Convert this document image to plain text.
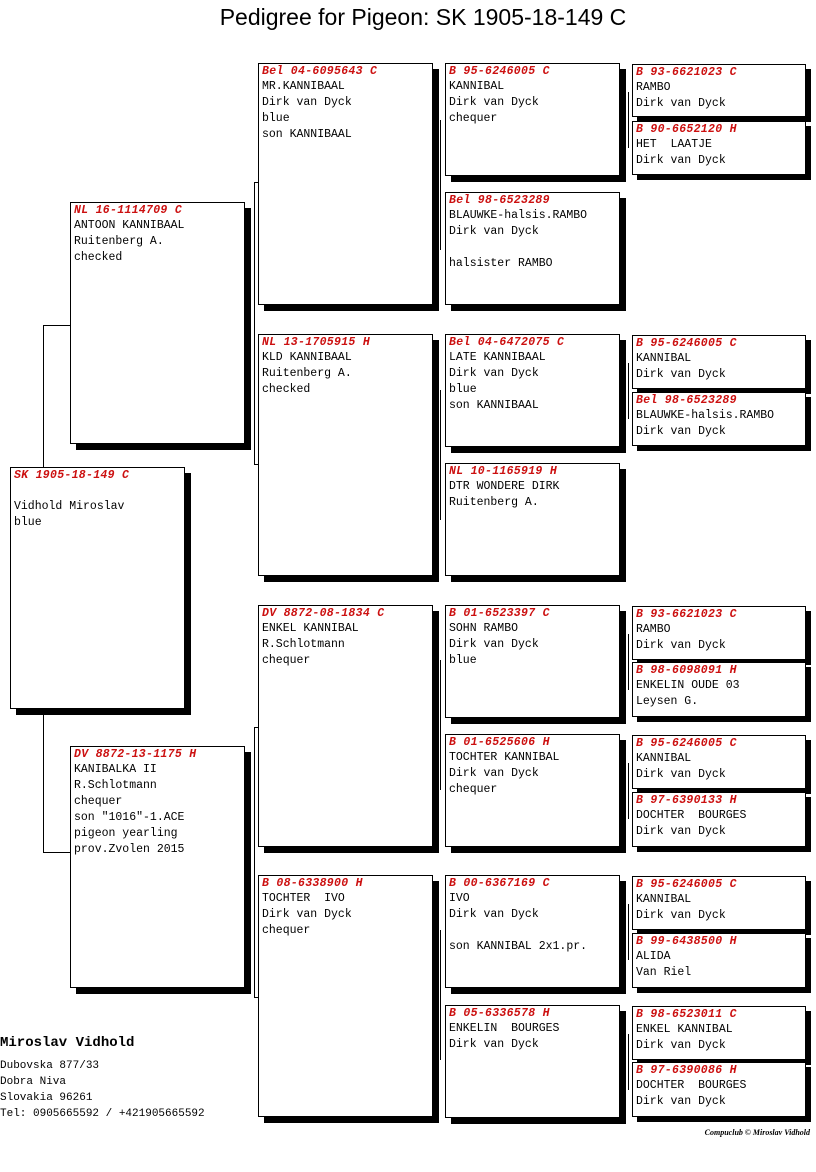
Pedigree for Pigeon: SK 1905-18-149 C
SK 1905-18-149 C
Vidhold Miroslav
blue
NL 16-1114709 C
ANTOON KANNIBAAL
Ruitenberg A.
checked
DV 8872-13-1175 H
KANIBALKA II
R.Schlotmann
chequer
son "1016"-1.ACE
pigeon yearling
prov.Zvolen 2015
Bel 04-6095643 C
MR.KANNIBAAL
Dirk van Dyck
blue
son KANNIBAAL
NL 13-1705915 H
KLD KANNIBAAL
Ruitenberg A.
checked
DV 8872-08-1834 C
ENKEL KANNIBAL
R.Schlotmann
chequer
B 08-6338900 H
TOCHTER  IVO
Dirk van Dyck
chequer
B 95-6246005 C
KANNIBAL
Dirk van Dyck
chequer
Bel 98-6523289
BLAUWKE-halsis.RAMBO
Dirk van Dyck
halsister RAMBO
Bel 04-6472075 C
LATE KANNIBAAL
Dirk van Dyck
blue
son KANNIBAAL
NL 10-1165919 H
DTR WONDERE DIRK
Ruitenberg A.
B 01-6523397 C
SOHN RAMBO
Dirk van Dyck
blue
B 01-6525606 H
TOCHTER KANNIBAL
Dirk van Dyck
chequer
B 00-6367169 C
IVO
Dirk van Dyck
son KANNIBAL 2x1.pr.
B 05-6336578 H
ENKELIN  BOURGES
Dirk van Dyck
B 93-6621023 C
RAMBO
Dirk van Dyck
B 90-6652120 H
HET  LAATJE
Dirk van Dyck
B 95-6246005 C
KANNIBAL
Dirk van Dyck
Bel 98-6523289
BLAUWKE-halsis.RAMBO
Dirk van Dyck
B 93-6621023 C
RAMBO
Dirk van Dyck
B 98-6098091 H
ENKELIN OUDE 03
Leysen G.
B 95-6246005 C
KANNIBAL
Dirk van Dyck
B 97-6390133 H
DOCHTER  BOURGES
Dirk van Dyck
B 95-6246005 C
KANNIBAL
Dirk van Dyck
B 99-6438500 H
ALIDA
Van Riel
B 98-6523011 C
ENKEL KANNIBAL
Dirk van Dyck
B 97-6390086 H
DOCHTER  BOURGES
Dirk van Dyck
Miroslav Vidhold
Dubovska 877/33
Dobra Niva
Slovakia 96261
Tel: 0905665592 / +421905665592
Compuclub © Miroslav Vidhold
